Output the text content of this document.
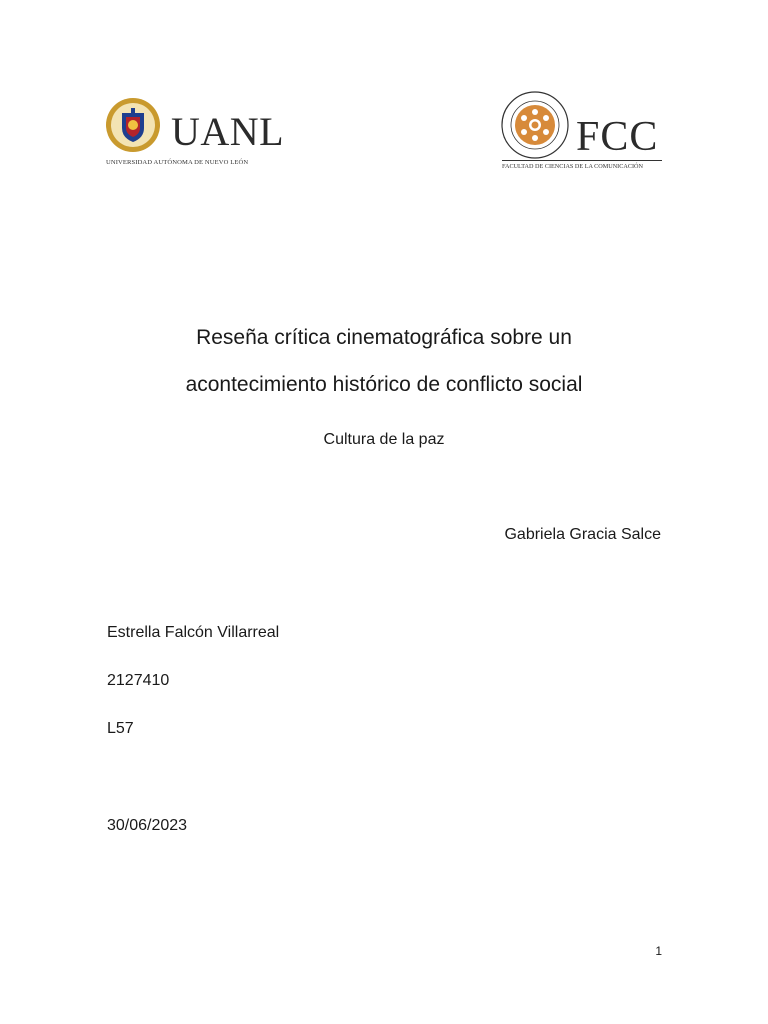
UANL
UNIVERSIDAD AUTÓNOMA DE NUEVO LEÓN
FCC
FACULTAD DE CIENCIAS DE LA COMUNICACIÓN
Reseña crítica cinematográfica sobre un
acontecimiento histórico de conflicto social
Cultura de la paz
Gabriela Gracia Salce
Estrella Falcón Villarreal
2127410
L57
30/06/2023
1
